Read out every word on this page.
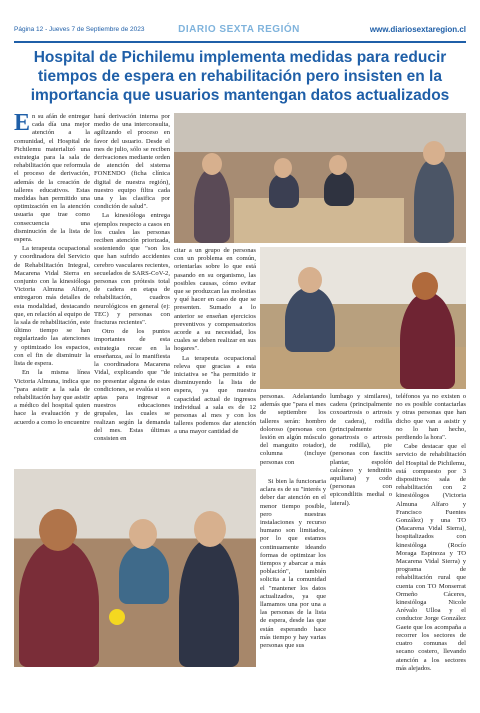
Página 12 - Jueves 7 de Septiembre de 2023	DIARIO SEXTA REGIÓN	www.diariosextaregion.cl
Hospital de Pichilemu implementa medidas para reducir tiempos de espera en rehabilitación pero insisten en la importancia que usuarios mantengan datos actualizados

En su afán de entregar cada día una mejor atención a la comunidad, el Hospital de Pichilemu materializó una estrategia para la sala de rehabilitación que reformula el proceso de derivación, además de la creación de talleres educativos. Estas medidas han permitido una optimización en la atención usuaria que trae como consecuencia una disminución de la lista de espera.

La terapeuta ocupacional y coordinadora del Servicio de Rehabilitación Integral, Macarena Vidal Sierra en conjunto con la kinesióloga Victoria Almuna Alfaro, entregaron más detalles de esta modalidad, destacando que, en relación al equipo de la sala de rehabilitación, este último tiempo se han regularizado las atenciones y optimizado los espacios, con el fin de disminuir la lista de espera.

En la misma línea Victoria Almuna, indica que "para asistir a la sala de rehabilitación hay que asistir a médico del hospital quien hace la evaluación y de acuerdo a como lo encuentre

hará derivación interna por medio de una interconsulta, agilizando el proceso en favor del usuario. Desde el mes de julio, sólo se reciben derivaciones mediante orden de atención del sistema FONENDO (ficha clínica digital de nuestra región), nuestro equipo filtra cada una y las clasifica por condición de salud".

La kinesióloga entrega ejemplos respecto a casos en los cuales las personas reciben atención priorizada, sosteniendo que "son los que han sufrido accidentes cerebro vasculares recientes, secuelados de SARS-CoV-2, personas con prótesis total de cadera en etapa de rehabilitación, cuadros neurológicos en general (ej: TEC) y personas con fracturas recientes".

Otro de los puntos importantes de esta estrategia recae en la enseñanza, así lo manifiesta la coordinadora Macarena Vidal, explicando que "de no presentar alguna de estas condiciones, se evalúa si son aptas para ingresar a nuestros educaciones grupales, las cuales se realizan según la demanda del mes. Estas últimas consisten en

citar a un grupo de personas con un problema en común, orientarlas sobre lo que está pasando en su organismo, las posibles causas, cómo evitar que se produzcan las molestias y qué hacer en caso de que se presenten. Sumado a lo anterior se enseñan ejercicios preventivos y compensatorios acorde a su necesidad, los cuales se deben realizar en sus hogares".

La terapeuta ocupacional releva que gracias a esta iniciativa se "ha permitido ir disminuyendo la lista de espera, ya que nuestra capacidad actual de ingresos individual a sala es de 12 personas al mes y con los talleres podemos dar atención a una mayor cantidad de

personas. Adelantando además que "para el mes de septiembre los talleres serán: hombro doloroso (personas con lesión en algún músculo del manguito rotador), columna (incluye personas con

lumbago y similares), cadera (principalmente coxoartrosis o artrosis de cadera), rodilla (principalmente gonartrosis o artrosis de rodilla), pie (personas con fascitis plantar, espolón calcáneo y tendinitis aquiliana) y codo (personas con epicondilitis medial o lateral).

Si bien la funcionaria aclara es de su "interés y deber dar atención en el menor tiempo posible, pero nuestras instalaciones y recurso humano son limitados, por lo que estamos continuamente ideando formas de optimizar los tiempos y abarcar a más población", también solicita a la comunidad el "mantener los datos actualizados, ya que llamamos una por una a las personas de la lista de espera, desde las que están esperando hace más tiempo y hay varias personas que sus

teléfonos ya no existen o no es posible contactarlas y otras personas que han dicho que van a asistir y no lo han hecho, perdiendo la hora".

Cabe destacar que el servicio de rehabilitación del Hospital de Pichilemu, está compuesto por 3 dispositivos: sala de rehabilitación con 2 kinesiólogos (Victoria Almuna Alfaro y Francisco Fuentes González) y una TO (Macarena Vidal Sierra), hospitalizados con kinesióloga (Rocío Moraga Espinoza y TO Macarena Vidal Sierra) y programa de rehabilitación rural que cuenta con TO Monserrat Ormeño Cáceres, kinesióloga Nicole Arévalo Ulloa y el conductor Jorge González Gaete que los acompaña a recorrer los sectores de cuatro comunas del secano costero, llevando atención a los sectores más alejados.
